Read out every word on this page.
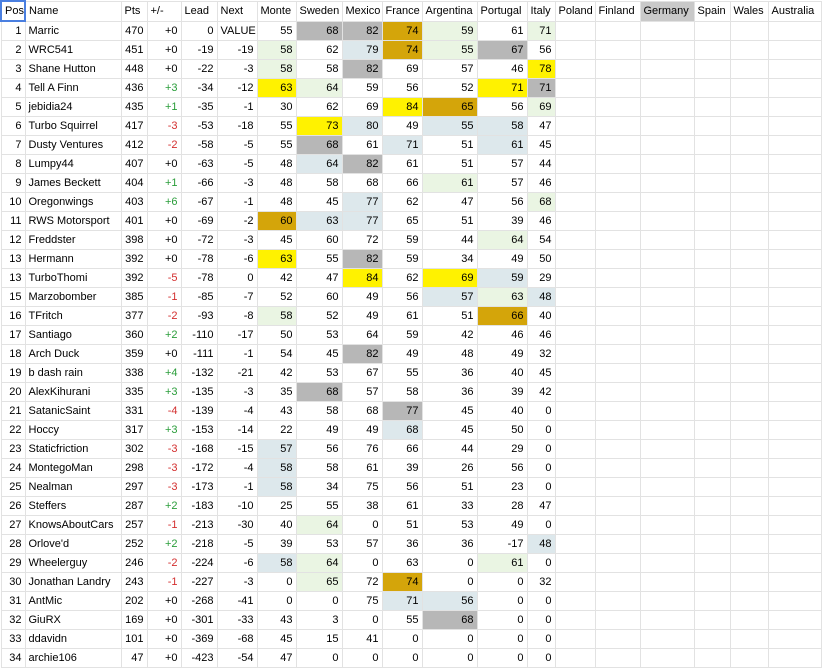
Pos	Name	Pts	+/-	Lead	Next	Monte	Sweden	Mexico	France	Argentina	Portugal	Italy	Poland	Finland	Germany	Spain	Wales	Australia
1	Marric	470	+0	0	VALUE	55	68	82	74	59	61	71						
2	WRC541	451	+0	-19	-19	58	62	79	74	55	67	56						
3	Shane Hutton	448	+0	-22	-3	58	58	82	69	57	46	78						
4	Tell A Finn	436	+3	-34	-12	63	64	59	56	52	71	71						
5	jebidia24	435	+1	-35	-1	30	62	69	84	65	56	69						
6	Turbo Squirrel	417	-3	-53	-18	55	73	80	49	55	58	47						
7	Dusty Ventures	412	-2	-58	-5	55	68	61	71	51	61	45						
8	Lumpy44	407	+0	-63	-5	48	64	82	61	51	57	44						
9	James Beckett	404	+1	-66	-3	48	58	68	66	61	57	46						
10	Oregonwings	403	+6	-67	-1	48	45	77	62	47	56	68						
11	RWS Motorsport	401	+0	-69	-2	60	63	77	65	51	39	46						
12	Freddster	398	+0	-72	-3	45	60	72	59	44	64	54						
13	Hermann	392	+0	-78	-6	63	55	82	59	34	49	50						
13	TurboThomi	392	-5	-78	0	42	47	84	62	69	59	29						
15	Marzobomber	385	-1	-85	-7	52	60	49	56	57	63	48						
16	TFritch	377	-2	-93	-8	58	52	49	61	51	66	40						
17	Santiago	360	+2	-110	-17	50	53	64	59	42	46	46						
18	Arch Duck	359	+0	-111	-1	54	45	82	49	48	49	32						
19	b dash rain	338	+4	-132	-21	42	53	67	55	36	40	45						
20	AlexKihurani	335	+3	-135	-3	35	68	57	58	36	39	42						
21	SatanicSaint	331	-4	-139	-4	43	58	68	77	45	40	0						
22	Hoccy	317	+3	-153	-14	22	49	49	68	45	50	0						
23	Staticfriction	302	-3	-168	-15	57	56	76	66	44	29	0						
24	MontegoMan	298	-3	-172	-4	58	58	61	39	26	56	0						
25	Nealman	297	-3	-173	-1	58	34	75	56	51	23	0						
26	Steffers	287	+2	-183	-10	25	55	38	61	33	28	47						
27	KnowsAboutCars	257	-1	-213	-30	40	64	0	51	53	49	0						
28	Orlove'd	252	+2	-218	-5	39	53	57	36	36	-17	48						
29	Wheelerguy	246	-2	-224	-6	58	64	0	63	0	61	0						
30	Jonathan Landry	243	-1	-227	-3	0	65	72	74	0	0	32						
31	AntMic	202	+0	-268	-41	0	0	75	71	56	0	0						
32	GiuRX	169	+0	-301	-33	43	3	0	55	68	0	0						
33	ddavidn	101	+0	-369	-68	45	15	41	0	0	0	0						
34	archie106	47	+0	-423	-54	47	0	0	0	0	0	0						
